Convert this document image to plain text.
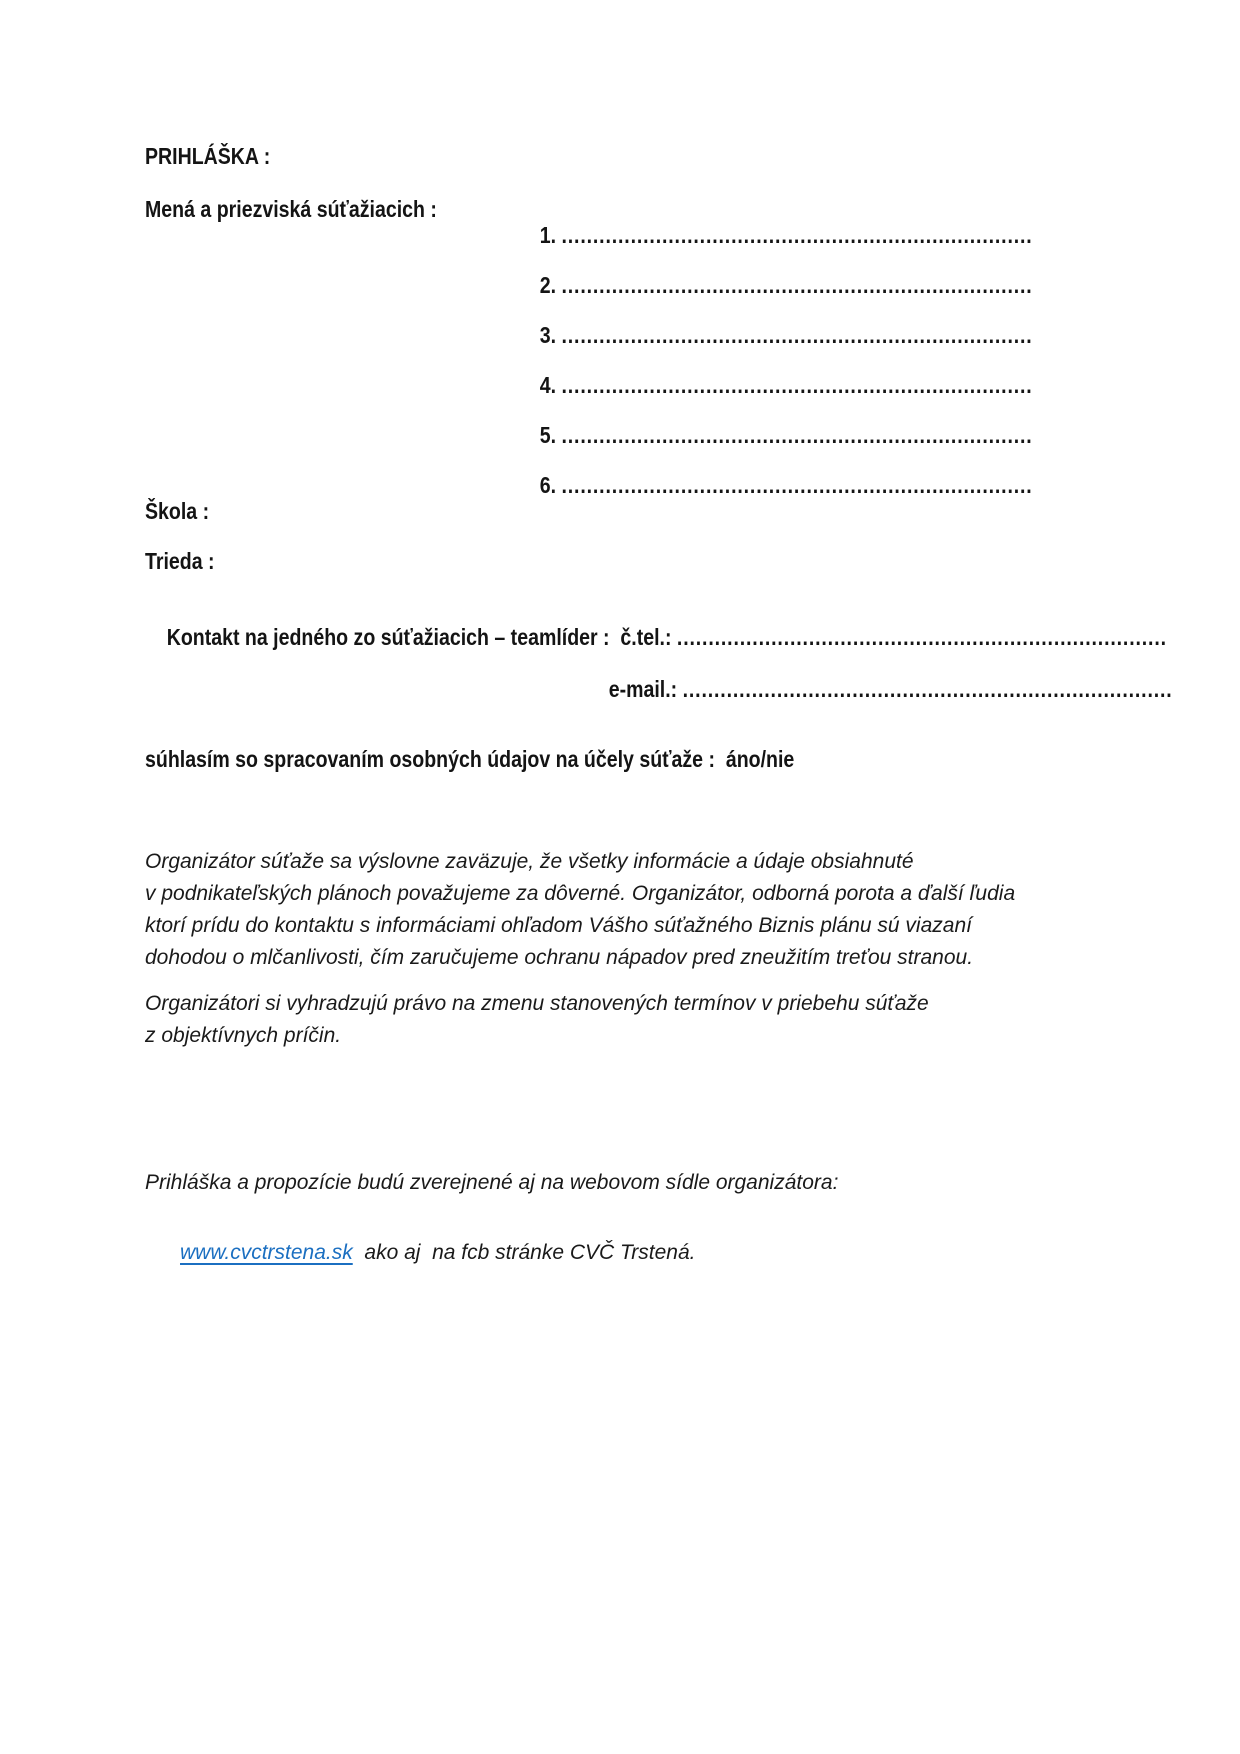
PRIHLÁŠKA :
Mená a priezviská súťažiacich :

1. ...........................................................................

2. ...........................................................................

3. ...........................................................................

4. ...........................................................................

5. ...........................................................................

6. ...........................................................................

Škola :
Trieda :

Kontakt na jedného zo súťažiacich – teamlíder :  č.tel.: ..............................................................................

e-mail.: ..............................................................................

súhlasím so spracovaním osobných údajov na účely súťaže :  áno/nie
Organizátor súťaže sa výslovne zaväzuje, že všetky informácie a údaje obsiahnuté
v podnikateľských plánoch považujeme za dôverné. Organizátor, odborná porota a ďalší ľudia
ktorí prídu do kontaktu s informáciami ohľadom Vášho súťažného Biznis plánu sú viazaní
dohodou o mlčanlivosti, čím zaručujeme ochranu nápadov pred zneužitím treťou stranou.
Organizátori si vyhradzujú právo na zmenu stanovených termínov v priebehu súťaže
z objektívnych príčin.
Prihláška a propozície budú zverejnené aj na webovom sídle organizátora:

www.cvctrstena.sk  ako aj  na fcb stránke CVČ Trstená.
